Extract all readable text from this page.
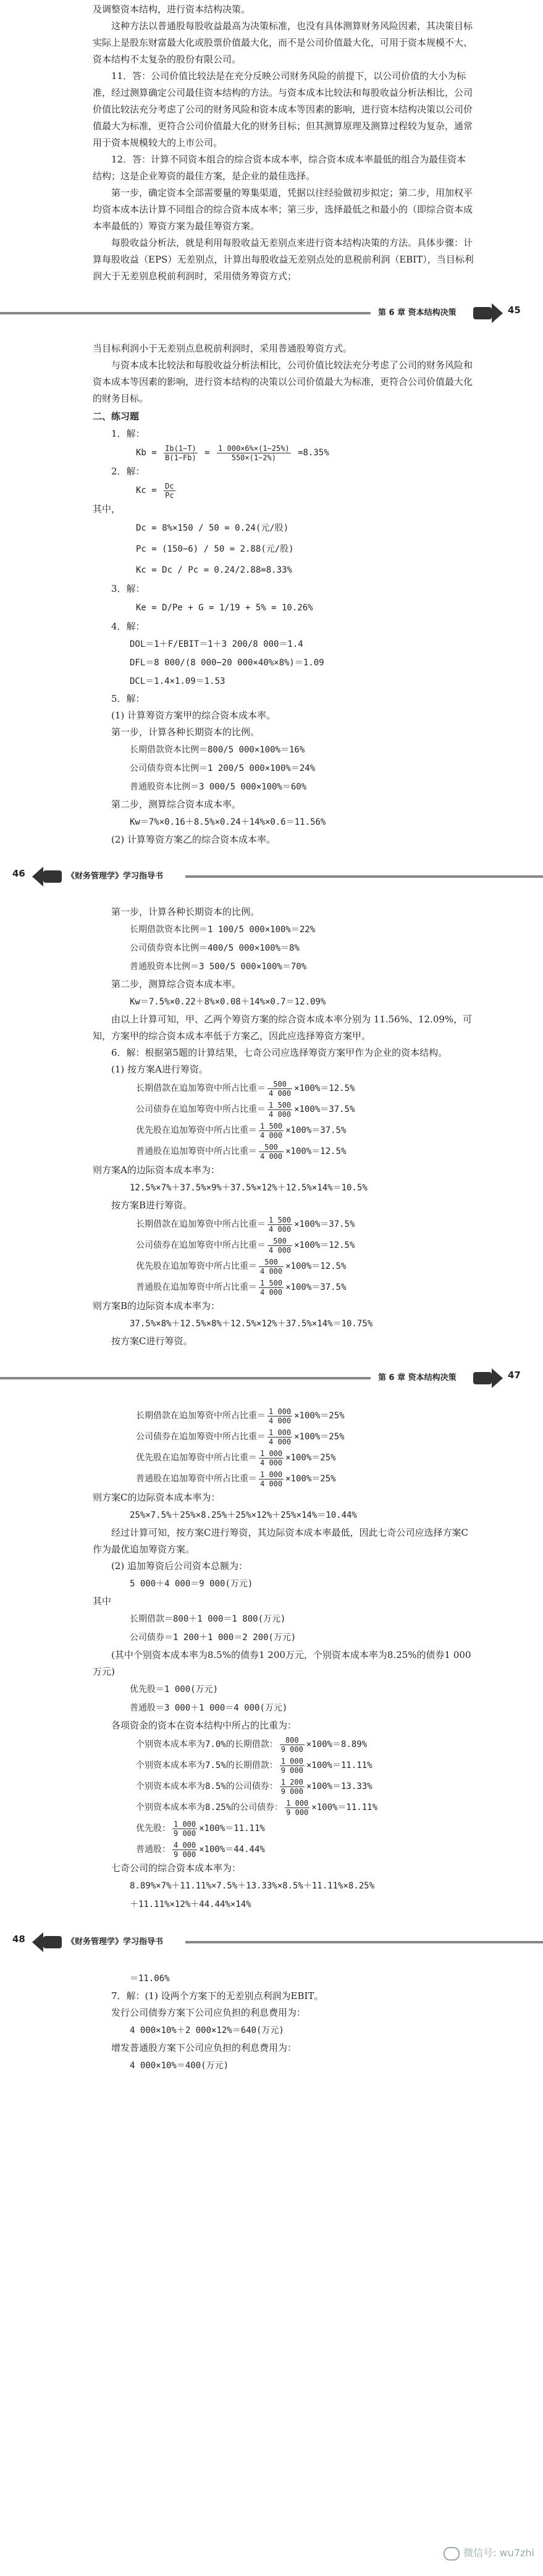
及调整资本结构，进行资本结构决策。

这种方法以普通股每股收益最高为决策标准，也没有具体测算财务风险因素，其决策目标实际上是股东财富最大化或股票价值最大化，而不是公司价值最大化，可用于资本规模不大、资本结构不太复杂的股份有限公司。

11．答：公司价值比较法是在充分反映公司财务风险的前提下，以公司价值的大小为标准，经过测算确定公司最佳资本结构的方法。与资本成本比较法和每股收益分析法相比，公司价值比较法充分考虑了公司的财务风险和资本成本等因素的影响，进行资本结构决策以公司价值最大为标准，更符合公司价值最大化的财务目标；但其测算原理及测算过程较为复杂，通常用于资本规模较大的上市公司。

12．答：计算不同资本组合的综合资本成本率，综合资本成本率最低的组合为最佳资本结构；这是企业筹资的最佳方案，是企业的最佳选择。

第一步，确定资本全部需要量的筹集渠道，凭据以往经验做初步拟定；第二步，用加权平均资本成本法计算不同组合的综合资本成本率；第三步，选择最低之和最小的（即综合资本成本率最低的）筹资方案为最佳筹资方案。

每股收益分析法，就是利用每股收益无差别点来进行资本结构决策的方法。具体步骤：计算每股收益（EPS）无差别点，计算出每股收益无差别点处的息税前利润（EBIT），当目标利润大于无差别息税前利润时，采用债务筹资方式；

第 6 章 资本结构决策	45

当目标利润小于无差别点息税前利润时，采用普通股筹资方式。

与资本成本比较法和每股收益分析法相比，公司价值比较法充分考虑了公司的财务风险和资本成本等因素的影响，进行资本结构的决策以公司价值最大为标准，更符合公司价值最大化的财务目标。

二、练习题

1．解：

$Kb = \frac{Ib(1-T)}{B(1-Fb)} = \frac{1 000\times 6\%\times(1-25\%)}{550\times(1-2\%)} =8.35\%$

2．解：

$Kc = \frac{Dc}{Pc}$

其中，

Dc = 8%×150 / 50 = 0.24(元/股)

Pc = (150−6) / 50 = 2.88(元/股)

Kc = Dc / Pc = 0.24/2.88=8.33%

3．解：

Ke = D/Pe + G = 1/19 + 5% = 10.26%

4．解：

DOL＝1＋F/EBIT＝1＋3 200/8 000＝1.4

DFL＝8 000/(8 000−20 000×40%×8%)＝1.09

DCL＝1.4×1.09＝1.53

5．解：

(1) 计算筹资方案甲的综合资本成本率。

第一步，计算各种长期资本的比例。

长期借款资本比例＝800/5 000×100%＝16%

公司债券资本比例＝1 200/5 000×100%＝24%

普通股资本比例＝3 000/5 000×100%＝60%

第二步，测算综合资本成本率。

Kw＝7%×0.16＋8.5%×0.24＋14%×0.6＝11.56%

(2) 计算筹资方案乙的综合资本成本率。

46	《财务管理学》学习指导书

第一步，计算各种长期资本的比例。

长期借款资本比例＝1 100/5 000×100%＝22%

公司债券资本比例＝400/5 000×100%＝8%

普通股资本比例＝3 500/5 000×100%＝70%

第二步，测算综合资本成本率。

Kw＝7.5%×0.22＋8%×0.08＋14%×0.7＝12.09%

由以上计算可知，甲、乙两个筹资方案的综合资本成本率分别为 11.56%、12.09%，可知，方案甲的综合资本成本率低于方案乙，因此应选择筹资方案甲。

6．解：根据第5题的计算结果，七奇公司应选择筹资方案甲作为企业的资本结构。

(1) 按方案A进行筹资。

长期借款在追加筹资中所占比重＝ $\frac{500}{4 000} \times 100\%=12.5\%$

公司债券在追加筹资中所占比重＝ $\frac{1 500}{4 000} \times 100\%=37.5\%$

优先股在追加筹资中所占比重＝ $\frac{1 500}{4 000} \times 100\%=37.5\%$

普通股在追加筹资中所占比重＝ $\frac{500}{4 000} \times 100\%=12.5\%$

则方案A的边际资本成本率为：

12.5%×7%＋37.5%×9%＋37.5%×12%＋12.5%×14%＝10.5%

按方案B进行筹资。

长期借款在追加筹资中所占比重＝ $\frac{1 500}{4 000} \times 100\%=37.5\%$

公司债券在追加筹资中所占比重＝ $\frac{500}{4 000} \times 100\%=12.5\%$

优先股在追加筹资中所占比重＝ $\frac{500}{4 000} \times 100\%=12.5\%$

普通股在追加筹资中所占比重＝ $\frac{1 500}{4 000} \times 100\%=37.5\%$

则方案B的边际资本成本率为：

37.5%×8%＋12.5%×8%＋12.5%×12%＋37.5%×14%＝10.75%

按方案C进行筹资。

第 6 章 资本结构决策	47

长期借款在追加筹资中所占比重＝ $\frac{1 000}{4 000} \times 100\%=25\%$

公司债券在追加筹资中所占比重＝ $\frac{1 000}{4 000} \times 100\%=25\%$

优先股在追加筹资中所占比重＝ $\frac{1 000}{4 000} \times 100\%=25\%$

普通股在追加筹资中所占比重＝ $\frac{1 000}{4 000} \times 100\%=25\%$

则方案C的边际资本成本率为：

25%×7.5%＋25%×8.25%＋25%×12%＋25%×14%＝10.44%

经过计算可知，按方案C进行筹资，其边际资本成本率最低，因此七奇公司应选择方案C作为最优追加筹资方案。

(2) 追加筹资后公司资本总额为：

5 000＋4 000＝9 000(万元)

其中

长期借款＝800＋1 000＝1 800(万元)

公司债券＝1 200＋1 000＝2 200(万元)

(其中个别资本成本率为8.5%的债券1 200万元，个别资本成本率为8.25%的债券1 000万元)

优先股＝1 000(万元)

普通股＝3 000＋1 000＝4 000(万元)

各项资金的资本在资本结构中所占的比重为：

个别资本成本率为7.0%的长期借款： $\frac{800}{9 000} \times 100\%=8.89\%$

个别资本成本率为7.5%的长期借款： $\frac{1 000}{9 000} \times 100\%=11.11\%$

个别资本成本率为8.5%的公司债券： $\frac{1 200}{9 000} \times 100\%=13.33\%$

个别资本成本率为8.25%的公司债券： $\frac{1 000}{9 000} \times 100\%=11.11\%$

优先股： $\frac{1 000}{9 000} \times 100\%=11.11\%$

普通股： $\frac{4 000}{9 000} \times 100\%=44.44\%$

七奇公司的综合资本成本率为：

8.89%×7%＋11.11%×7.5%＋13.33%×8.5%＋11.11%×8.25%

＋11.11%×12%＋44.44%×14%

48	《财务管理学》学习指导书

＝11.06%

7．解：(1) 设两个方案下的无差别点利润为EBIT。

发行公司债券方案下公司应负担的利息费用为：

4 000×10%＋2 000×12%＝640(万元)

增发普通股方案下公司应负担的利息费用为：

4 000×10%＝400(万元)

微信号: wu7zhi
